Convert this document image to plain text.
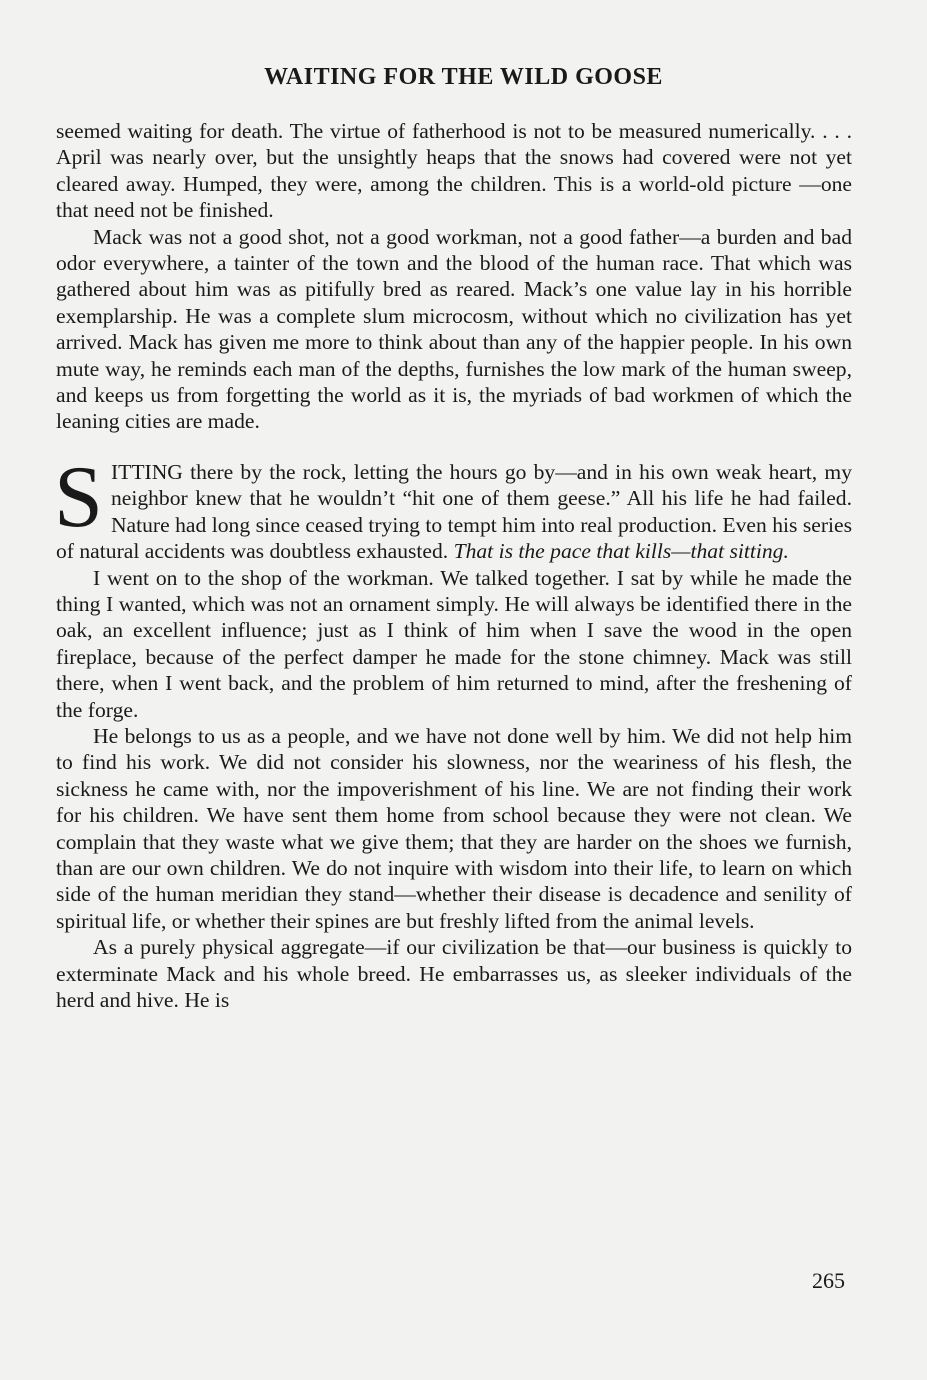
WAITING FOR THE WILD GOOSE

seemed waiting for death. The virtue of fatherhood is not to be measured numerically. . . . April was nearly over, but the unsightly heaps that the snows had covered were not yet cleared away. Humped, they were, among the children. This is a world-old picture —one that need not be finished.

Mack was not a good shot, not a good workman, not a good father—a burden and bad odor everywhere, a tainter of the town and the blood of the human race. That which was gathered about him was as pitifully bred as reared. Mack’s one value lay in his horrible exemplarship. He was a complete slum microcosm, without which no civilization has yet arrived. Mack has given me more to think about than any of the happier people. In his own mute way, he reminds each man of the depths, furnishes the low mark of the human sweep, and keeps us from forgetting the world as it is, the myriads of bad workmen of which the leaning cities are made.

SITTING there by the rock, letting the hours go by—and in his own weak heart, my neighbor knew that he wouldn’t “hit one of them geese.” All his life he had failed. Nature had long since ceased trying to tempt him into real production. Even his series of natural accidents was doubtless exhausted. That is the pace that kills—that sitting.

I went on to the shop of the workman. We talked together. I sat by while he made the thing I wanted, which was not an ornament simply. He will always be identified there in the oak, an excellent influence; just as I think of him when I save the wood in the open fireplace, because of the perfect damper he made for the stone chimney. Mack was still there, when I went back, and the problem of him returned to mind, after the freshening of the forge.

He belongs to us as a people, and we have not done well by him. We did not help him to find his work. We did not consider his slowness, nor the weariness of his flesh, the sickness he came with, nor the impoverishment of his line. We are not finding their work for his children. We have sent them home from school because they were not clean. We complain that they waste what we give them; that they are harder on the shoes we furnish, than are our own children. We do not inquire with wisdom into their life, to learn on which side of the human meridian they stand—whether their disease is decadence and senility of spiritual life, or whether their spines are but freshly lifted from the animal levels.

As a purely physical aggregate—if our civilization be that—our business is quickly to exterminate Mack and his whole breed. He embarrasses us, as sleeker individuals of the herd and hive. He is

265
